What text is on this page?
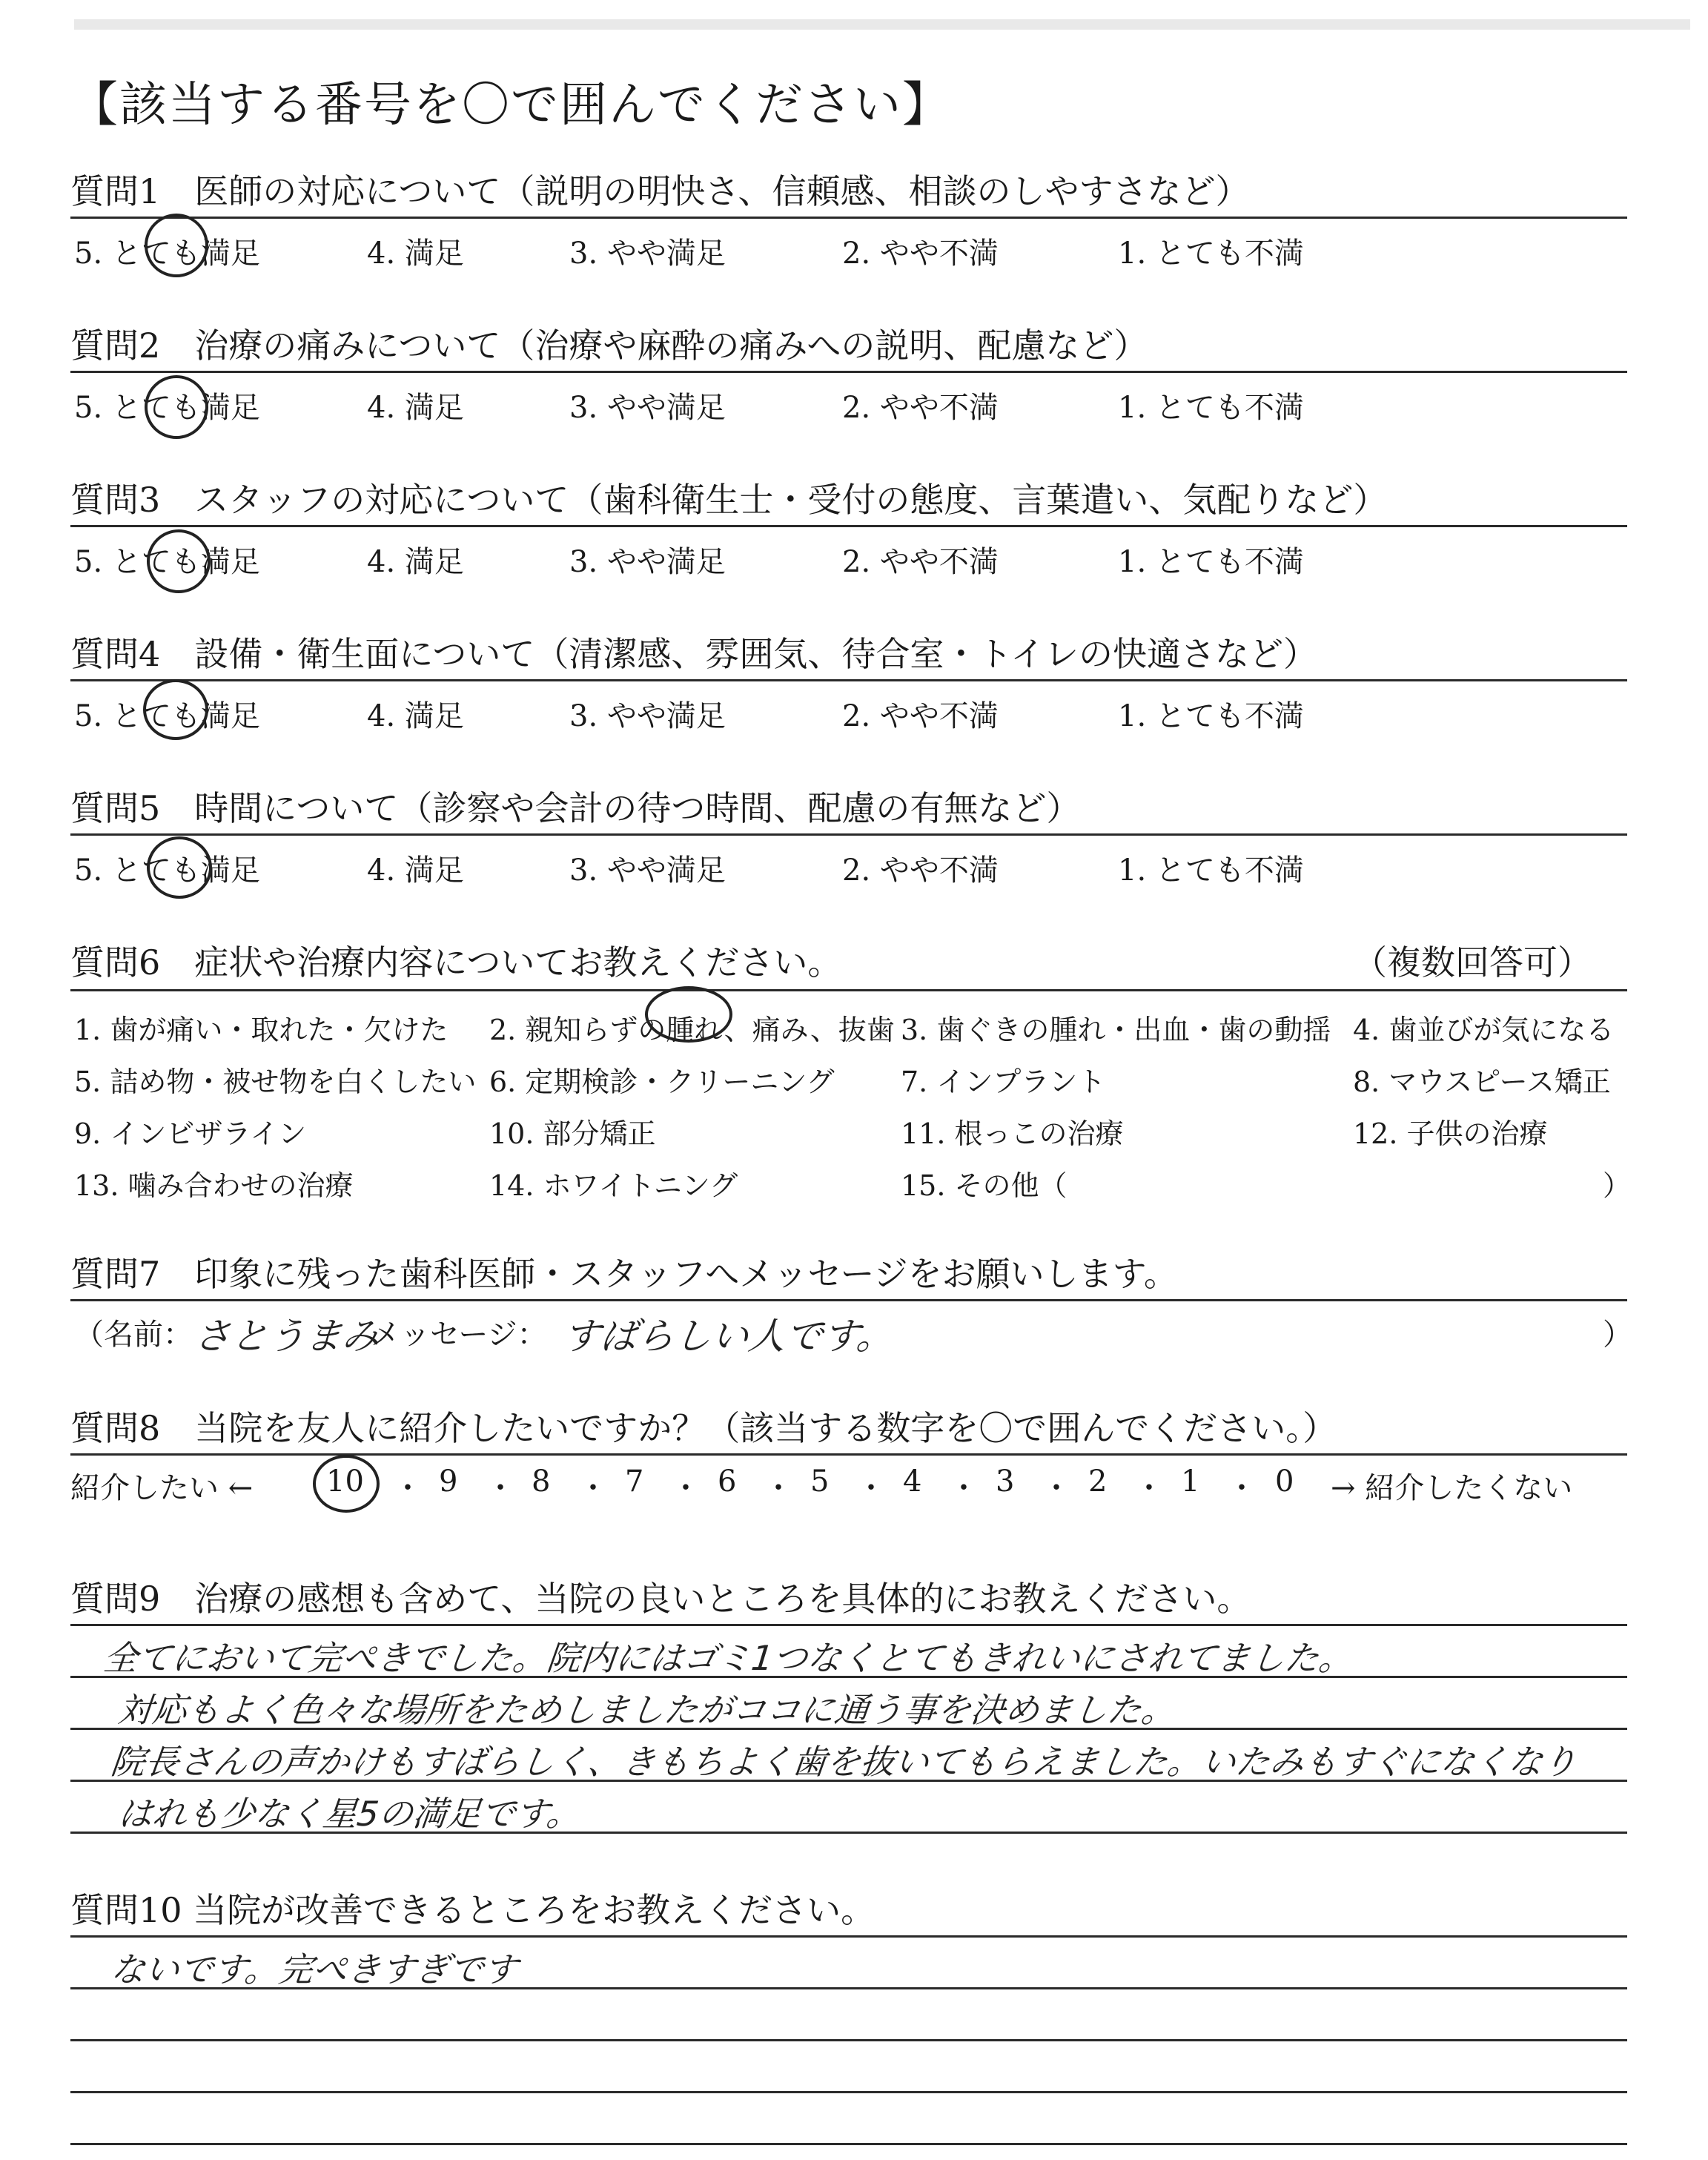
【該当する番号を〇で囲んでください】
質問1　医師の対応について（説明の明快さ、信頼感、相談のしやすさなど）
5. とても満足	4. 満足	3. やや満足	2. やや不満	1. とても不満
質問2　治療の痛みについて（治療や麻酔の痛みへの説明、配慮など）
5. とても満足	4. 満足	3. やや満足	2. やや不満	1. とても不満
質問3　スタッフの対応について（歯科衛生士・受付の態度、言葉遣い、気配りなど）
5. とても満足	4. 満足	3. やや満足	2. やや不満	1. とても不満
質問4　設備・衛生面について（清潔感、雰囲気、待合室・トイレの快適さなど）
5. とても満足	4. 満足	3. やや満足	2. やや不満	1. とても不満
質問5　時間について（診察や会計の待つ時間、配慮の有無など）
5. とても満足	4. 満足	3. やや満足	2. やや不満	1. とても不満
質問6　症状や治療内容についてお教えください。	（複数回答可）
1. 歯が痛い・取れた・欠けた 2. 親知らずの腫れ、痛み、抜歯 3. 歯ぐきの腫れ・出血・歯の動揺 4. 歯並びが気になる
5. 詰め物・被せ物を白くしたい 6. 定期検診・クリーニング 7. インプラント	8. マウスピース矯正
9. インビザライン	10. 部分矯正	11. 根っこの治療	12. 子供の治療
13. 噛み合わせの治療	14. ホワイトニング	15. その他（	）
質問7　印象に残った歯科医師・スタッフへメッセージをお願いします。
（名前：
さとうまみ
メッセージ： すばらしい人です。	）
質問8　当院を友人に紹介したいですか？（該当する数字を〇で囲んでください。）
紹介したい ← 10 ・ 9 ・ 8 ・ 7 ・ 6 ・ 5 ・ 4 ・ 3 ・ 2 ・ 1 ・ 0 → 紹介したくない
質問9　治療の感想も含めて、当院の良いところを具体的にお教えください。
全てにおいて完ぺきでした。院内にはゴミ1つなくとてもきれいにされてました。
対応もよく色々な場所をためしましたがココに通う事を決めました。
院長さんの声かけもすばらしく、きもちよく歯を抜いてもらえました。いたみもすぐになくなり
はれも少なく星5の満足です。
質問10 当院が改善できるところをお教えください。
ないです。完ぺきすぎです
